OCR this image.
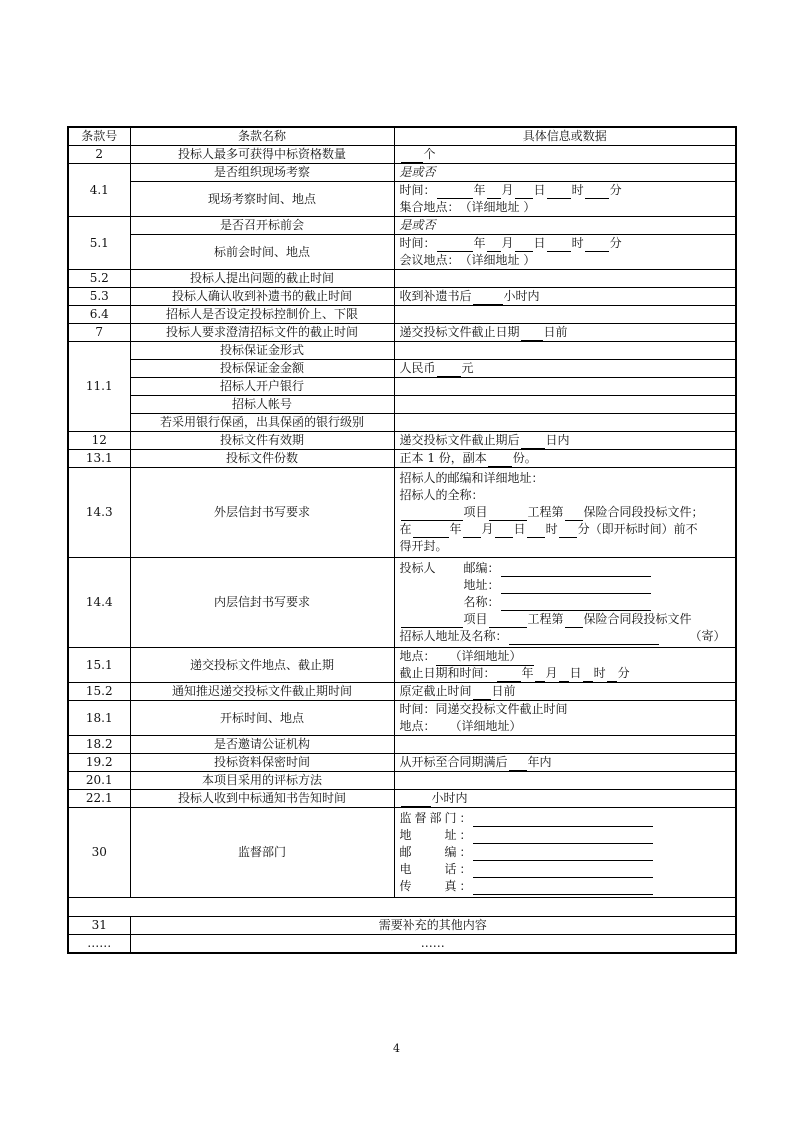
条款号	条款名称	具体信息或数据
2	投标人最多可获得中标资格数量	个
4.1	是否组织现场考察	是或否
	现场考察时间、地点	时间： 年 月 日 时 分
集合地点：（详细地址 ）

5.1	是否召开标前会	是或否
	标前会时间、地点	时间： 年 月 日 时 分
会议地点：（详细地址 ）

5.2	投标人提出问题的截止时间	
5.3	投标人确认收到补遗书的截止时间	收到补遗书后 小时内
6.4	招标人是否设定投标控制价上、下限	
7	投标人要求澄清招标文件的截止时间	递交投标文件截止日期 日前
11.1	投标保证金形式	
	投标保证金金额	人民币 元
	招标人开户银行	
	招标人帐号	
	若采用银行保函，出具保函的银行级别	
12	投标文件有效期	递交投标文件截止期后 日内
13.1	投标文件份数	正本 1 份，副本 份。
14.3	外层信封书写要求	招标人的邮编和详细地址：
招标人的全称：
项目 工程第 保险合同段投标文件；
在 年 月 日 时 分（即开标时间）前不
得开封。

14.4	内层信封书写要求	投标人 邮编：
地址：
名称：
项目 工程第 保险合同段投标文件
招标人地址及名称： （寄）

15.1	递交投标文件地点、截止期	地点： （详细地址）
截止日期和时间： 年 月 日 时 分

15.2	通知推迟递交投标文件截止期时间	原定截止时间 日前
18.1	开标时间、地点	时间：同递交投标文件截止时间
地点： （详细地址）

18.2	是否邀请公证机构	
19.2	投标资料保密时间	从开标至合同期满后 年内
20.1	本项目采用的评标方法	
22.1	投标人收到中标通知书告知时间	小时内
30	监督部门	监督部门：
地　　址：
邮　　编：
电　　话：
传　　真：

31	需要补充的其他内容	
……	……	
4
